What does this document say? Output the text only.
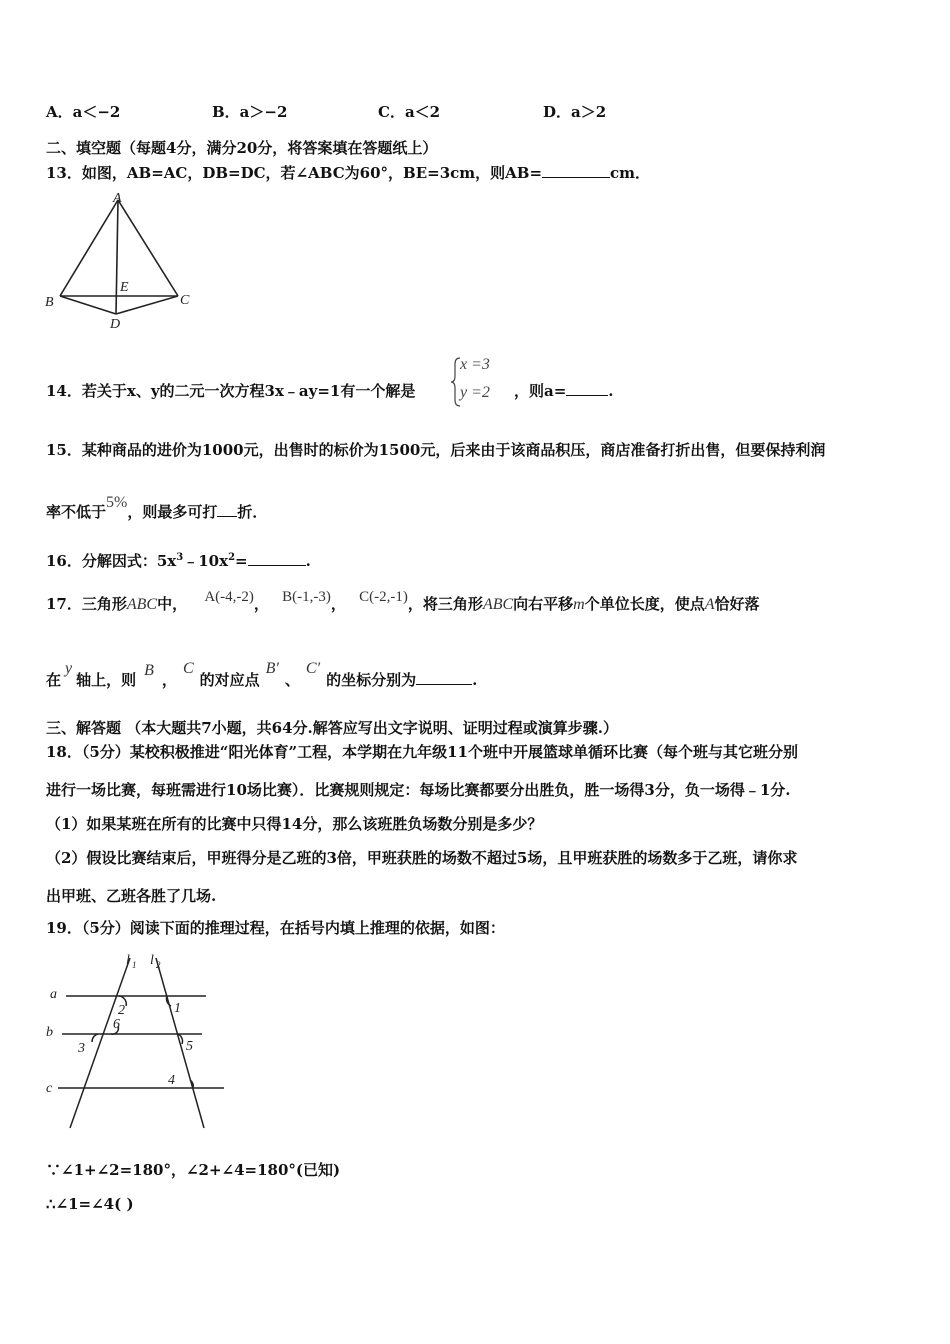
A．a＜−2	B．a＞−2	C．a＜2	D．a＞2
二、填空题（每题4分，满分20分，将答案填在答题纸上）
13．如图，AB=AC，DB=DC，若∠ABC为60°，BE=3cm，则AB=	cm．
A
B	C
D
E
14．若关于x、y的二元一次方程3x﹣ay=1有一个解是
x =3
y =2 ，则a=	.
15．某种商品的进价为1000元，出售时的标价为1500元，后来由于该商品积压，商店准备打折出售，但要保持利润
率不低于5%，则最多可打 折．
16．分解因式：$5x^3﹣10x^2=$	.
17．三角形ABC中， A(-4,-2)， B(-1,-3)， C(-2,-1)，将三角形ABC向右平移m个单位长度，使点A恰好落
在y轴上，则B，C的对应点B′、C′的坐标分别为	.
三、解答题 （本大题共7小题，共64分.解答应写出文字说明、证明过程或演算步骤.）
18．（5分）某校积极推进“阳光体育”工程，本学期在九年级11个班中开展篮球单循环比赛（每个班与其它班分别
进行一场比赛，每班需进行10场比赛）．比赛规则规定：每场比赛都要分出胜负，胜一场得3分，负一场得﹣1分.
（1）如果某班在所有的比赛中只得14分，那么该班胜负场数分别是多少？
（2）假设比赛结束后，甲班得分是乙班的3倍，甲班获胜的场数不超过5场，且甲班获胜的场数多于乙班，请你求
出甲班、乙班各胜了几场.
19．（5分）阅读下面的推理过程，在括号内填上推理的依据，如图：
l 1 l 2
a
b
c
1
2
3
4
5
6
∵∠1+∠2=180°，∠2+∠4=180°(已知)
∴∠1=∠4( )
